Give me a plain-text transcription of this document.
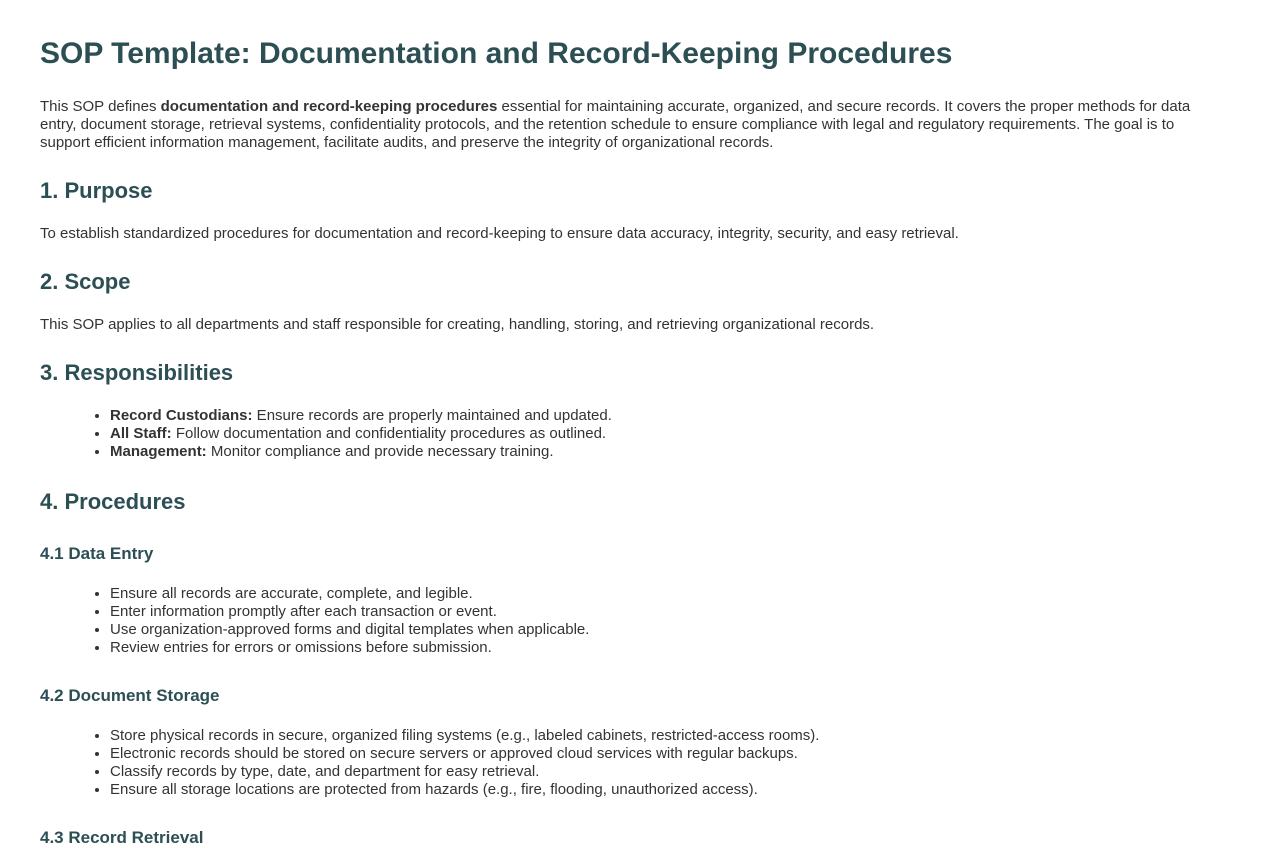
SOP Template: Documentation and Record-Keeping Procedures

This SOP defines documentation and record-keeping procedures essential for maintaining accurate, organized, and secure records. It covers the proper methods for data entry, document storage, retrieval systems, confidentiality protocols, and the retention schedule to ensure compliance with legal and regulatory requirements. The goal is to support efficient information management, facilitate audits, and preserve the integrity of organizational records.

1. Purpose

To establish standardized procedures for documentation and record-keeping to ensure data accuracy, integrity, security, and easy retrieval.

2. Scope

This SOP applies to all departments and staff responsible for creating, handling, storing, and retrieving organizational records.

3. Responsibilities
• Record Custodians: Ensure records are properly maintained and updated.
• All Staff: Follow documentation and confidentiality procedures as outlined.
• Management: Monitor compliance and provide necessary training.
4. Procedures
4.1 Data Entry
• Ensure all records are accurate, complete, and legible.
• Enter information promptly after each transaction or event.
• Use organization-approved forms and digital templates when applicable.
• Review entries for errors or omissions before submission.
4.2 Document Storage
• Store physical records in secure, organized filing systems (e.g., labeled cabinets, restricted-access rooms).
• Electronic records should be stored on secure servers or approved cloud services with regular backups.
• Classify records by type, date, and department for easy retrieval.
• Ensure all storage locations are protected from hazards (e.g., fire, flooding, unauthorized access).
4.3 Record Retrieval
